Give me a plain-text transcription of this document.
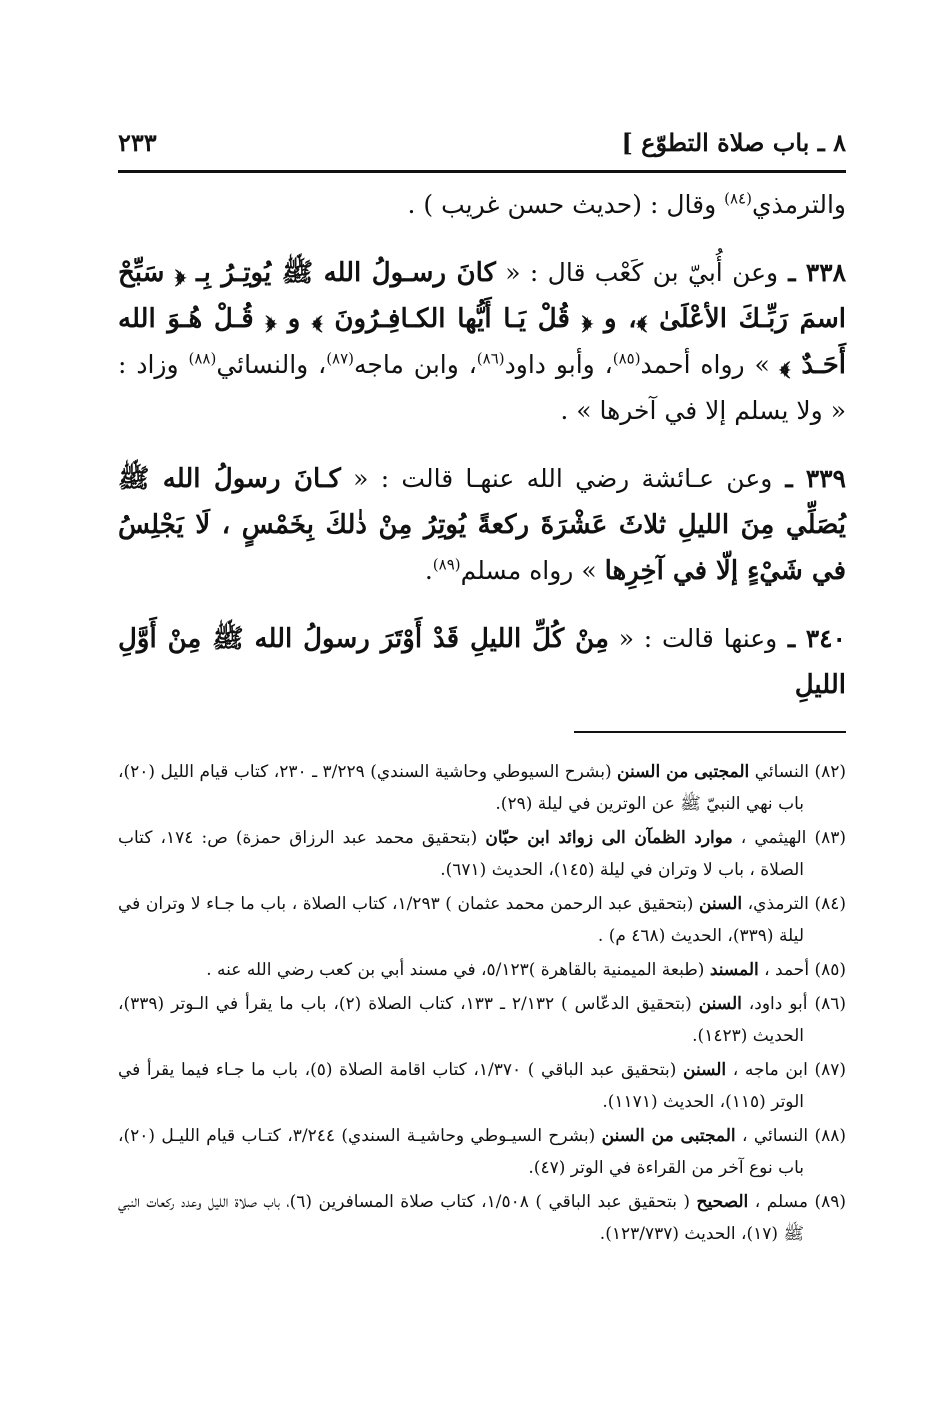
٨ ـ باب صلاة التطوّع ]
٢٣٣

والترمذي$^{(٨٤)}$ وقال : (حديث حسن غريب ) .

٣٣٨ ـ وعن أُبيّ بن كَعْب قال : « كانَ رسـولُ الله ﷺ يُوتِـرُ بِـ ﴿ سَبِّحْ اسمَ رَبِّـكَ الأعْلَىٰ ﴾، و ﴿ قُلْ يَـا أَيُّها الكـافِـرُونَ ﴾ و ﴿ قُـلْ هُـوَ الله أَحَـدٌ ﴾ » رواه أحمد$^{(٨٥)}$، وأبو داود$^{(٨٦)}$، وابن ماجه$^{(٨٧)}$، والنسائي$^{(٨٨)}$ وزاد : « ولا يسلم إلا في آخرها » .

٣٣٩ ـ وعن عـائشة رضي الله عنهـا قالت : « كـانَ رسولُ الله ﷺ يُصَلِّي مِنَ الليلِ ثلاثَ عَشْرَةَ ركعةً يُوتِرُ مِنْ ذٰلكَ بِخَمْسٍ ، لَا يَجْلِسُ في شَيْءٍ إلّا في آخِرِها » رواه مسلم$^{(٨٩)}$.

٣٤٠ ـ وعنها قالت : « مِنْ كُلِّ الليلِ قَدْ أَوْتَرَ رسولُ الله ﷺ مِنْ أَوَّلِ الليلِ

(٨٢) النسائي المجتبى من السنن (بشرح السيوطي وحاشية السندي) ٣/٢٢٩ ـ ٢٣٠، كتاب قيام الليل (٢٠)، باب نهي النبيّ ﷺ عن الوترين في ليلة (٢٩).

(٨٣) الهيثمي ، موارد الظمآن الى زوائد ابن حبّان (بتحقيق محمد عبد الرزاق حمزة) ص: ١٧٤، كتاب الصلاة ، باب لا وتران في ليلة (١٤٥)، الحديث (٦٧١).

(٨٤) الترمذي، السنن (بتحقيق عبد الرحمن محمد عثمان ) ١/٢٩٣، كتاب الصلاة ، باب ما جـاء لا وتران في ليلة (٣٣٩)، الحديث (٤٦٨ م) .

(٨٥) أحمد ، المسند (طبعة الميمنية بالقاهرة )٥/١٢٣، في مسند أبي بن كعب رضي الله عنه .

(٨٦) أبو داود، السنن (بتحقيق الدعّاس ) ٢/١٣٢ ـ ١٣٣، كتاب الصلاة (٢)، باب ما يقرأ في الـوتر (٣٣٩)، الحديث (١٤٢٣).

(٨٧) ابن ماجه ، السنن (بتحقيق عبد الباقي ) ١/٣٧٠، كتاب اقامة الصلاة (٥)، باب ما جـاء فيما يقرأ في الوتر (١١٥)، الحديث (١١٧١).

(٨٨) النسائي ، المجتبى من السنن (بشرح السيـوطي وحاشيـة السندي) ٣/٢٤٤، كتـاب قيام الليـل (٢٠)، باب نوع آخر من القراءة في الوتر (٤٧).

(٨٩) مسلم ، الصحيح ( بتحقيق عبد الباقي ) ١/٥٠٨، كتاب صلاة المسافرين (٦)، باب صلاة الليل وعدد ركعات النبي ﷺ (١٧)، الحديث (١٢٣/٧٣٧).
